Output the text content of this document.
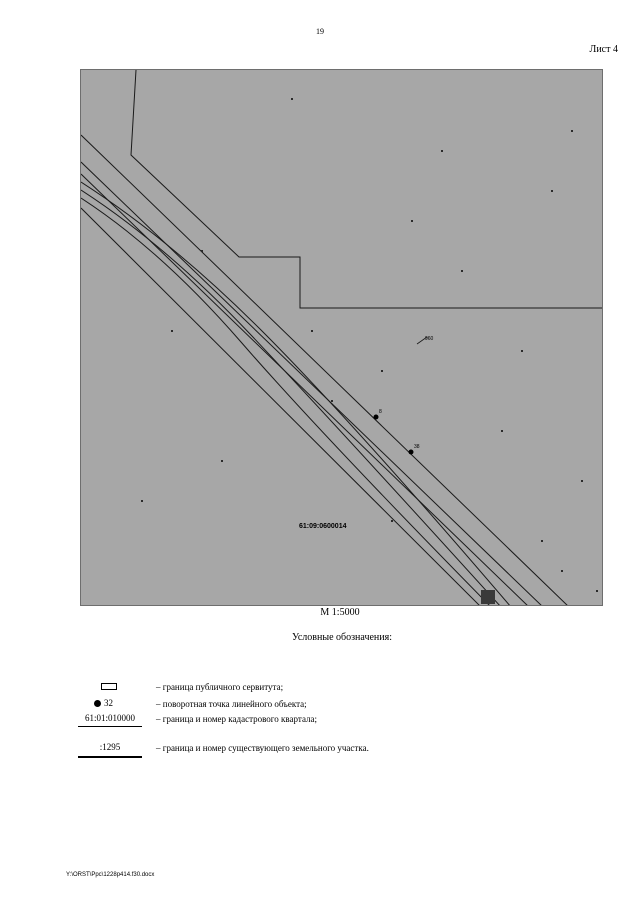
19
Лист 4
8
38
960
61:09:0600014
М 1:5000
Условные обозначения:
– граница публичного сервитута;
32	– поворотная точка линейного объекта;
61:01:010000	– граница и номер кадастрового квартала;
:1295	– граница и номер существующего земельного участка.
Y:\ORST\Ppc\1228p414.f30.docx
